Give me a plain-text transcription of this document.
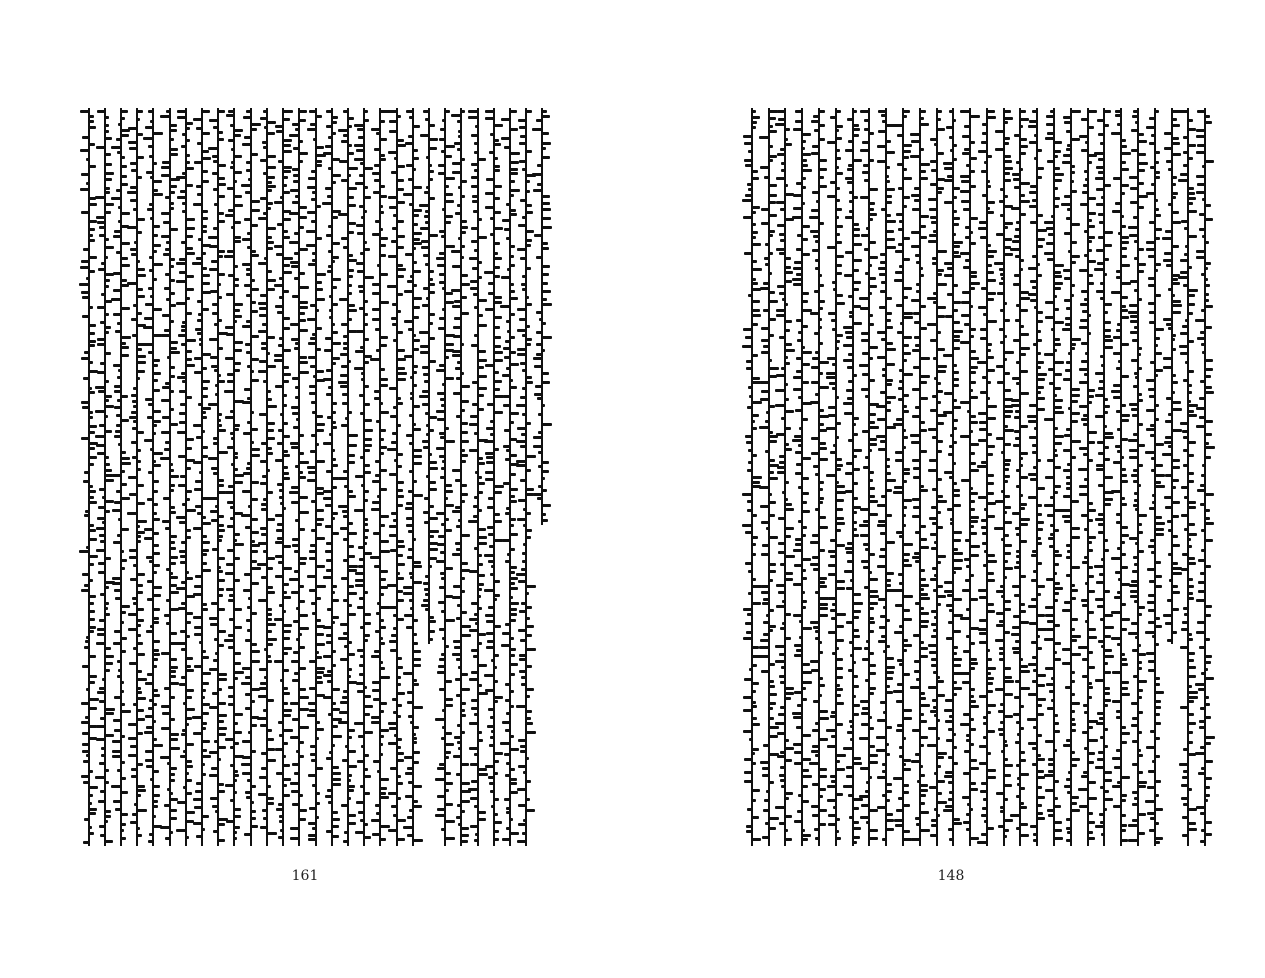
161	148
